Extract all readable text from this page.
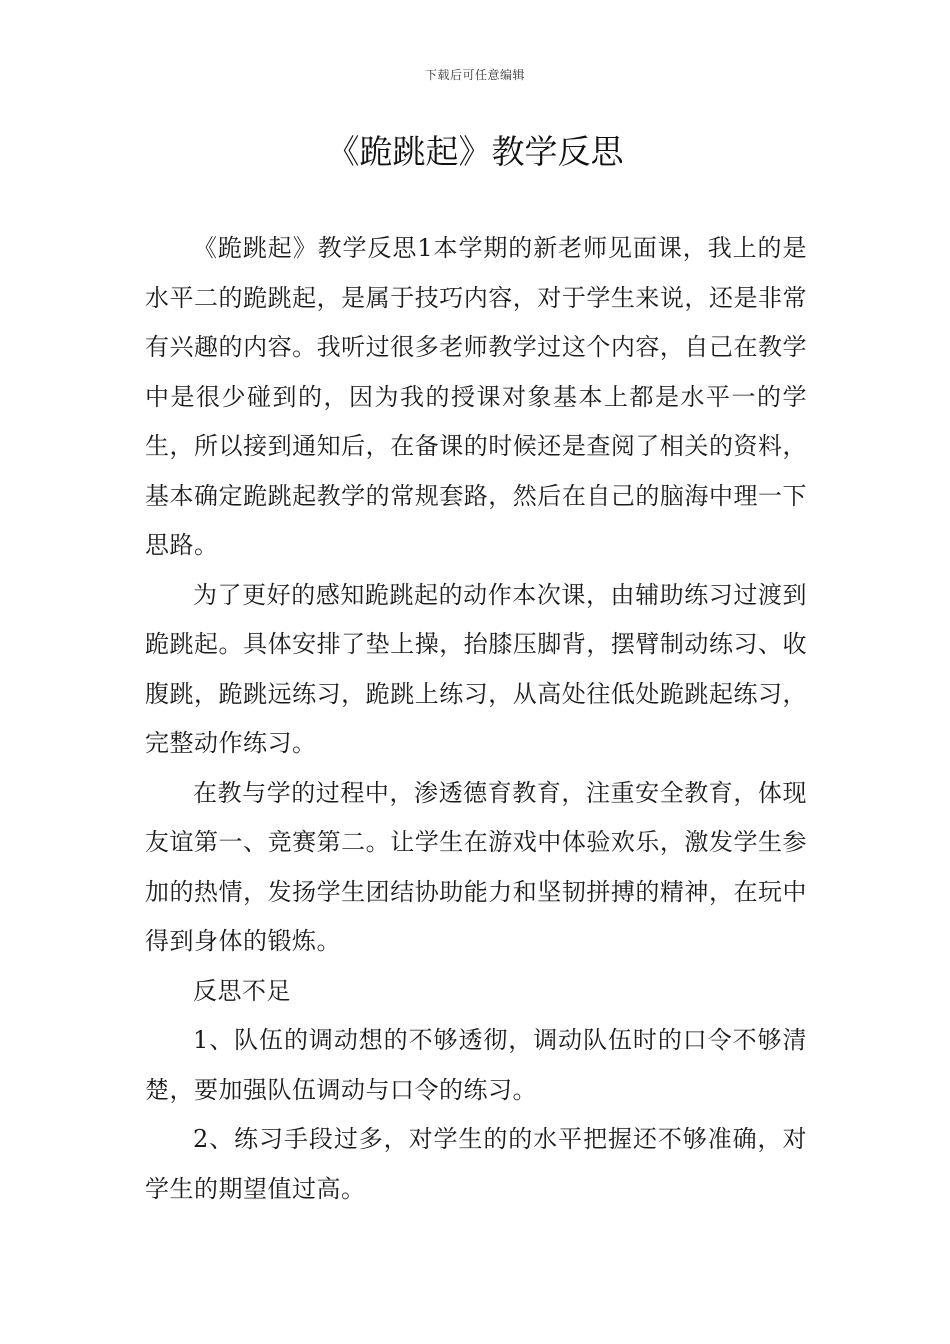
下载后可任意编辑
《跪跳起》教学反思

《跪跳起》教学反思1本学期的新老师见面课，我上的是水平二的跪跳起，是属于技巧内容，对于学生来说，还是非常有兴趣的内容。我听过很多老师教学过这个内容，自己在教学中是很少碰到的，因为我的授课对象基本上都是水平一的学生，所以接到通知后，在备课的时候还是查阅了相关的资料，基本确定跪跳起教学的常规套路，然后在自己的脑海中理一下思路。

为了更好的感知跪跳起的动作本次课，由辅助练习过渡到跪跳起。具体安排了垫上操，抬膝压脚背，摆臂制动练习、收腹跳，跪跳远练习，跪跳上练习，从高处往低处跪跳起练习，完整动作练习。

在教与学的过程中，渗透德育教育，注重安全教育，体现友谊第一、竞赛第二。让学生在游戏中体验欢乐，激发学生参加的热情，发扬学生团结协助能力和坚韧拼搏的精神，在玩中得到身体的锻炼。

反思不足

1、队伍的调动想的不够透彻，调动队伍时的口令不够清楚，要加强队伍调动与口令的练习。

2、练习手段过多，对学生的的水平把握还不够准确，对学生的期望值过高。
